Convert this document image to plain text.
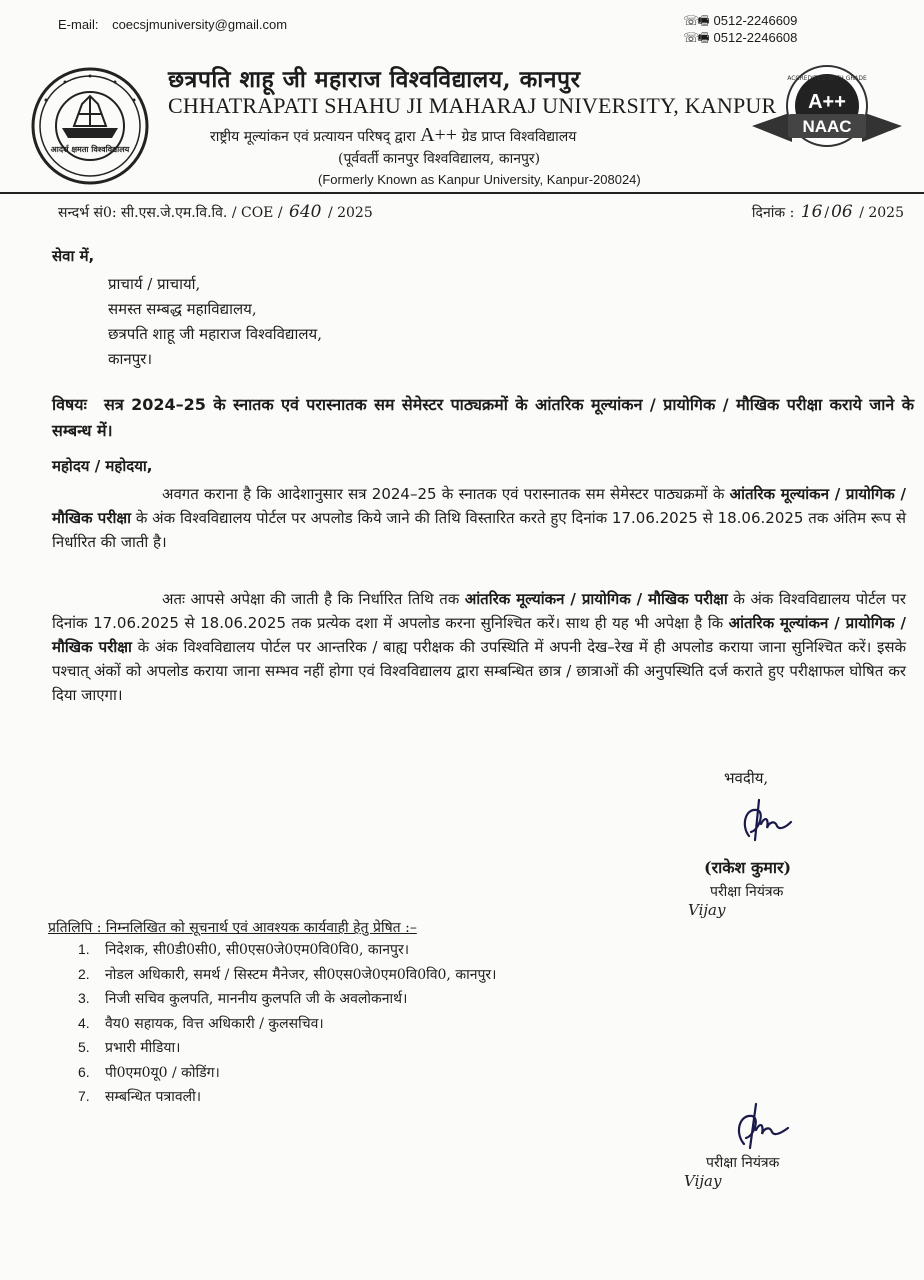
E-mail: coecsjmuniversity@gmail.com	☏🖷 0512-2246609
☏🖷 0512-2246608
आदर्श क्षमता विश्वविद्यालय
छत्रपति शाहू जी महाराज विश्वविद्यालय, कानपुर
CHHATRAPATI SHAHU JI MAHARAJ UNIVERSITY, KANPUR
राष्ट्रीय मूल्यांकन एवं प्रत्यायन परिषद् द्वारा A++ ग्रेड प्राप्त विश्वविद्यालय
(पूर्ववर्ती कानपुर विश्वविद्यालय, कानपुर)
(Formerly Known as Kanpur University, Kanpur-208024)
ACCREDITED WITH GRADE
A++
NAAC
सन्दर्भ सं0: सी.एस.जे.एम.वि.वि. / COE / 640 / 2025	दिनांक : 16 / 06 / 2025
सेवा में,
प्राचार्य / प्राचार्या,
समस्त सम्बद्ध महाविद्यालय,
छत्रपति शाहू जी महाराज विश्वविद्यालय,
कानपुर।
विषयः	सत्र 2024–25 के स्नातक एवं परास्नातक सम सेमेस्टर पाठ्यक्रमों के आंतरिक मूल्यांकन / प्रायोगिक / मौखिक परीक्षा कराये जाने के सम्बन्ध में।
महोदय / महोदया,
अवगत कराना है कि आदेशानुसार सत्र 2024–25 के स्नातक एवं परास्नातक सम सेमेस्टर पाठ्यक्रमों के आंतरिक मूल्यांकन / प्रायोगिक / मौखिक परीक्षा के अंक विश्वविद्यालय पोर्टल पर अपलोड किये जाने की तिथि विस्तारित करते हुए दिनांक 17.06.2025 से 18.06.2025 तक अंतिम रूप से निर्धारित की जाती है।
अतः आपसे अपेक्षा की जाती है कि निर्धारित तिथि तक आंतरिक मूल्यांकन / प्रायोगिक / मौखिक परीक्षा के अंक विश्वविद्यालय पोर्टल पर दिनांक 17.06.2025 से 18.06.2025 तक प्रत्येक दशा में अपलोड करना सुनिश्चित करें। साथ ही यह भी अपेक्षा है कि आंतरिक मूल्यांकन / प्रायोगिक / मौखिक परीक्षा के अंक विश्वविद्यालय पोर्टल पर आन्तरिक / बाह्य परीक्षक की उपस्थिति में अपनी देख–रेख में ही अपलोड कराया जाना सुनिश्चित करें। इसके पश्चात् अंकों को अपलोड कराया जाना सम्भव नहीं होगा एवं विश्वविद्यालय द्वारा सम्बन्धित छात्र / छात्राओं की अनुपस्थिति दर्ज कराते हुए परीक्षाफल घोषित कर दिया जाएगा।
भवदीय,
(राकेश कुमार)
परीक्षा नियंत्रक
Vijay
प्रतिलिपि : निम्नलिखित को सूचनार्थ एवं आवश्यक कार्यवाही हेतु प्रेषित :–
1. निदेशक, सी0डी0सी0, सी0एस0जे0एम0वि0वि0, कानपुर।
2. नोडल अधिकारी, समर्थ / सिस्टम मैनेजर, सी0एस0जे0एम0वि0वि0, कानपुर।
3. निजी सचिव कुलपति, माननीय कुलपति जी के अवलोकनार्थ।
4. वैय0 सहायक, वित्त अधिकारी / कुलसचिव।
5. प्रभारी मीडिया।
6. पी0एम0यू0 / कोडिंग।
7. सम्बन्धित पत्रावली।
परीक्षा नियंत्रक
Vijay
